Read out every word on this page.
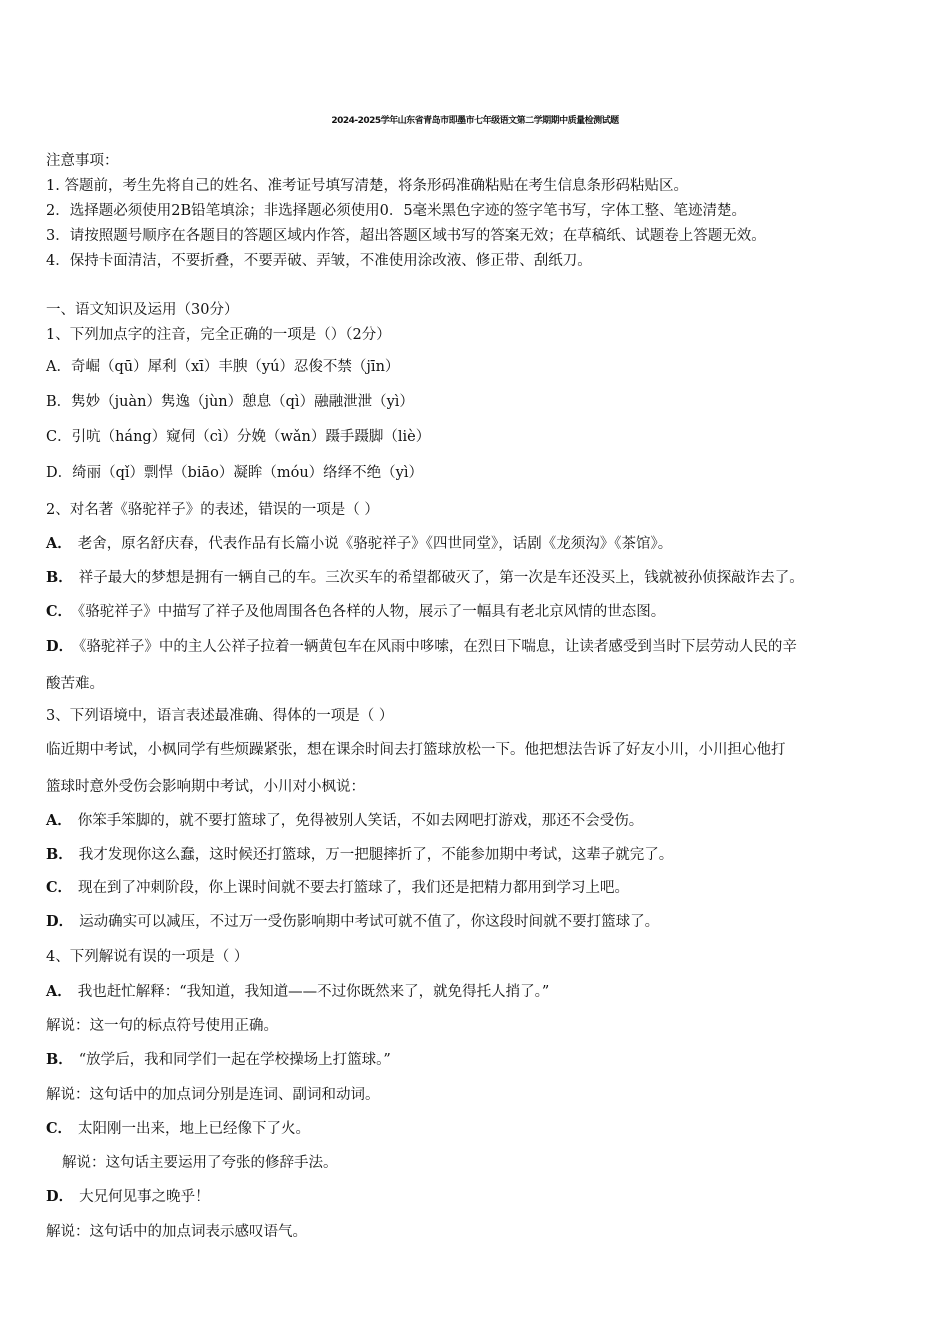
2024-2025学年山东省青岛市即墨市七年级语文第二学期期中质量检测试题
注意事项：
1. 答题前，考生先将自己的姓名、准考证号填写清楚，将条形码准确粘贴在考生信息条形码粘贴区。
2．选择题必须使用2B铅笔填涂；非选择题必须使用0．5毫米黑色字迹的签字笔书写，字体工整、笔迹清楚。
3．请按照题号顺序在各题目的答题区域内作答，超出答题区域书写的答案无效；在草稿纸、试题卷上答题无效。
4．保持卡面清洁，不要折叠，不要弄破、弄皱，不准使用涂改液、修正带、刮纸刀。
一、语文知识及运用（30分）
1、下列加点字的注音，完全正确的一项是（）（2分）
A．奇崛（qū）犀利（xī）丰腴（yú）忍俊不禁（jīn）
B．隽妙（juàn）隽逸（jùn）憩息（qì）融融泄泄（yì）
C．引吭（háng）窥伺（cì）分娩（wǎn）蹑手蹑脚（liè）
D．绮丽（qǐ）剽悍（biāo）凝眸（móu）络绎不绝（yì）
2、对名著《骆驼祥子》的表述，错误的一项是（ ）
A． 老舍，原名舒庆春，代表作品有长篇小说《骆驼祥子》《四世同堂》，话剧《龙须沟》《茶馆》。
B． 祥子最大的梦想是拥有一辆自己的车。三次买车的希望都破灭了，第一次是车还没买上，钱就被孙侦探敲诈去了。
C． 《骆驼祥子》中描写了祥子及他周围各色各样的人物，展示了一幅具有老北京风情的世态图。
D． 《骆驼祥子》中的主人公祥子拉着一辆黄包车在风雨中哆嗦，在烈日下喘息，让读者感受到当时下层劳动人民的辛
酸苦难。
3、下列语境中，语言表述最准确、得体的一项是（ ）
临近期中考试，小枫同学有些烦躁紧张，想在课余时间去打篮球放松一下。他把想法告诉了好友小川，小川担心他打
篮球时意外受伤会影响期中考试，小川对小枫说：
A． 你笨手笨脚的，就不要打篮球了，免得被别人笑话，不如去网吧打游戏，那还不会受伤。
B． 我才发现你这么蠢，这时候还打篮球，万一把腿摔折了，不能参加期中考试，这辈子就完了。
C． 现在到了冲刺阶段，你上课时间就不要去打篮球了，我们还是把精力都用到学习上吧。
D． 运动确实可以减压，不过万一受伤影响期中考试可就不值了，你这段时间就不要打篮球了。
4、下列解说有误的一项是（ ）
A． 我也赶忙解释：“我知道，我知道——不过你既然来了，就免得托人捎了。”
解说：这一句的标点符号使用正确。
B． “放学后，我和同学们一起在学校操场上打篮球。”
解说：这句话中的加点词分别是连词、副词和动词。
C． 太阳刚一出来，地上已经像下了火。
解说：这句话主要运用了夸张的修辞手法。
D． 大兄何见事之晚乎！
解说：这句话中的加点词表示感叹语气。
